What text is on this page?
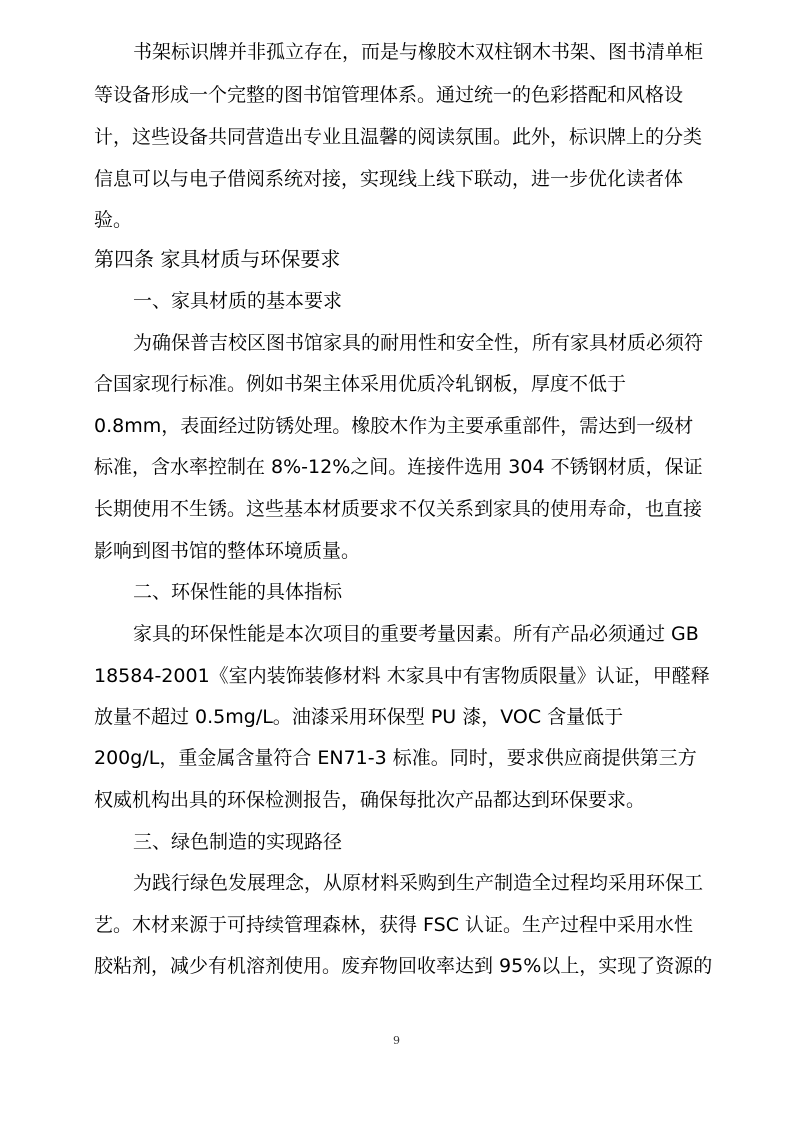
书架标识牌并非孤立存在，而是与橡胶木双柱钢木书架、图书清单柜
等设备形成一个完整的图书馆管理体系。通过统一的色彩搭配和风格设
计，这些设备共同营造出专业且温馨的阅读氛围。此外，标识牌上的分类
信息可以与电子借阅系统对接，实现线上线下联动，进一步优化读者体
验。
第四条 家具材质与环保要求
一、家具材质的基本要求
为确保普吉校区图书馆家具的耐用性和安全性，所有家具材质必须符
合国家现行标准。例如书架主体采用优质冷轧钢板，厚度不低于
0.8mm，表面经过防锈处理。橡胶木作为主要承重部件，需达到一级材
标准，含水率控制在 8%-12%之间。连接件选用 304 不锈钢材质，保证
长期使用不生锈。这些基本材质要求不仅关系到家具的使用寿命，也直接
影响到图书馆的整体环境质量。
二、环保性能的具体指标
家具的环保性能是本次项目的重要考量因素。所有产品必须通过 GB
18584-2001《室内装饰装修材料 木家具中有害物质限量》认证，甲醛释
放量不超过 0.5mg/L。油漆采用环保型 PU 漆，VOC 含量低于
200g/L，重金属含量符合 EN71-3 标准。同时，要求供应商提供第三方
权威机构出具的环保检测报告，确保每批次产品都达到环保要求。
三、绿色制造的实现路径
为践行绿色发展理念，从原材料采购到生产制造全过程均采用环保工
艺。木材来源于可持续管理森林，获得 FSC 认证。生产过程中采用水性
胶粘剂，减少有机溶剂使用。废弃物回收率达到 95%以上，实现了资源的
9
